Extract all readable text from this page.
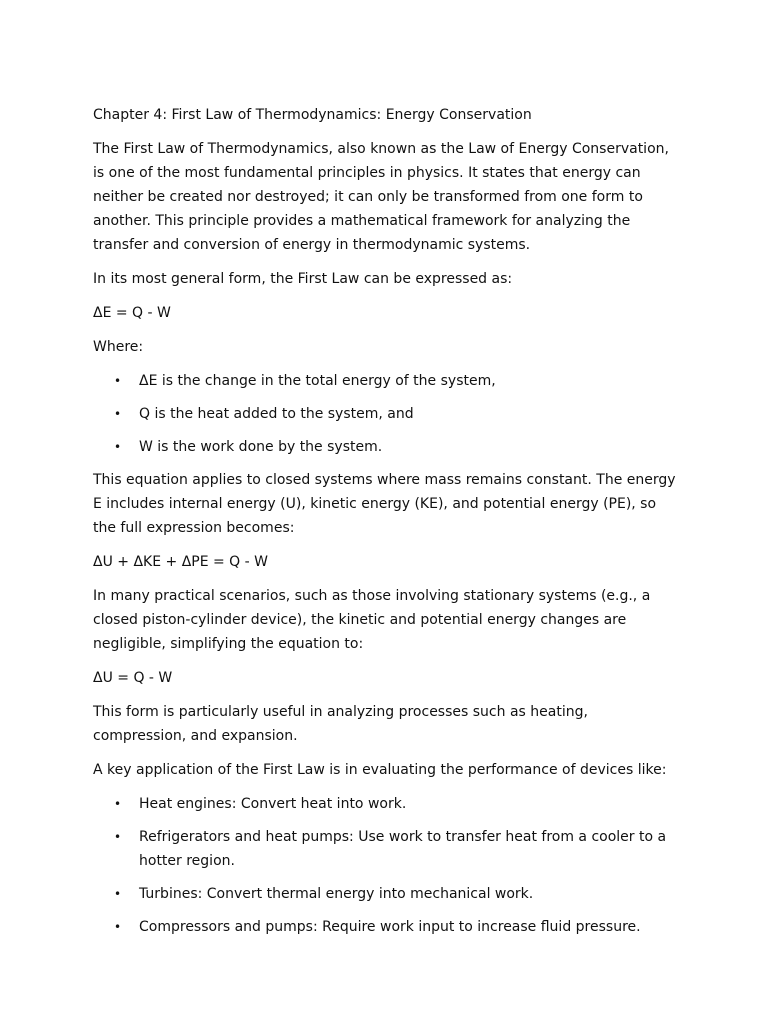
Chapter 4: First Law of Thermodynamics: Energy Conservation

The First Law of Thermodynamics, also known as the Law of Energy Conservation, is one of the most fundamental principles in physics. It states that energy can neither be created nor destroyed; it can only be transformed from one form to another. This principle provides a mathematical framework for analyzing the transfer and conversion of energy in thermodynamic systems.

In its most general form, the First Law can be expressed as:

ΔE = Q - W

Where:

• ΔE is the change in the total energy of the system,
• Q is the heat added to the system, and
• W is the work done by the system.

This equation applies to closed systems where mass remains constant. The energy E includes internal energy (U), kinetic energy (KE), and potential energy (PE), so the full expression becomes:

ΔU + ΔKE + ΔPE = Q - W

In many practical scenarios, such as those involving stationary systems (e.g., a closed piston-cylinder device), the kinetic and potential energy changes are negligible, simplifying the equation to:

ΔU = Q - W

This form is particularly useful in analyzing processes such as heating, compression, and expansion.

A key application of the First Law is in evaluating the performance of devices like:

• Heat engines: Convert heat into work.
• Refrigerators and heat pumps: Use work to transfer heat from a cooler to a hotter region.
• Turbines: Convert thermal energy into mechanical work.
• Compressors and pumps: Require work input to increase fluid pressure.
